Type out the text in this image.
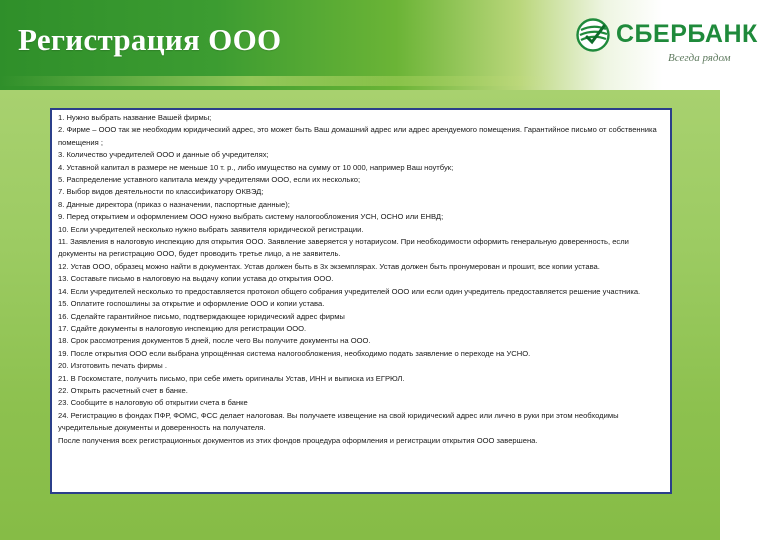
Регистрация ООО	СБЕРБАНК
Всегда рядом

1. Нужно выбрать название Вашей фирмы;

2. Фирме – ООО так же необходим юридический адрес, это может быть Ваш домашний адрес или адрес арендуемого помещения. Гарантийное письмо от собственника помещения ;

3. Количество учредителей ООО и данные об учредителях;

4. Уставной капитал в размере не меньше 10 т. р., либо имущество на сумму от 10 000, например Ваш ноутбук;

5. Распределение уставного капитала между учредителями ООО, если их несколько;

7. Выбор видов деятельности по классификатору ОКВЭД;

8. Данные директора (приказ о назначении, паспортные данные);

9. Перед открытием и оформлением ООО нужно выбрать систему налогообложения УСН, ОСНО или ЕНВД;

10. Если учредителей несколько нужно выбрать заявителя юридической регистрации.

11. Заявления в налоговую инспекцию для открытия ООО. Заявление заверяется у нотариусом. При необходимости оформить генеральную доверенность, если документы на регистрацию ООО, будет проводить третье лицо, а не заявитель.

12. Устав ООО, образец можно найти в документах. Устав должен быть в 3х экземплярах. Устав должен быть пронумерован и прошит, все копии устава.

13. Составьте письмо в налоговую на выдачу копии устава до открытия ООО.

14. Если учредителей несколько то предоставляется протокол общего собрания учредителей ООО или если один учредитель предоставляется решение участника.

15. Оплатите госпошлины за открытие и оформление ООО и копии устава.

16. Сделайте гарантийное письмо, подтверждающее юридический адрес фирмы

17. Сдайте документы в налоговую инспекцию для регистрации ООО.

18. Срок рассмотрения документов 5 дней, после чего Вы получите документы на ООО.

19. После открытия ООО если выбрана упрощённая система налогообложения, необходимо подать заявление о переходе на УСНО.

20. Изготовить печать фирмы .

21. В Госкомстате, получить письмо, при себе иметь оригиналы Устав, ИНН и выписка из ЕГРЮЛ.

22. Открыть расчетный счет в банке.

23. Сообщите в налоговую об открытии счета в банке

24. Регистрацию в фондах ПФР, ФОМС, ФСС делает налоговая. Вы получаете извещение на свой юридический адрес или лично в руки при этом необходимы учредительные документы и доверенность на получателя.

После получения всех регистрационных документов из этих фондов процедура оформления и регистрации открытия ООО завершена.
